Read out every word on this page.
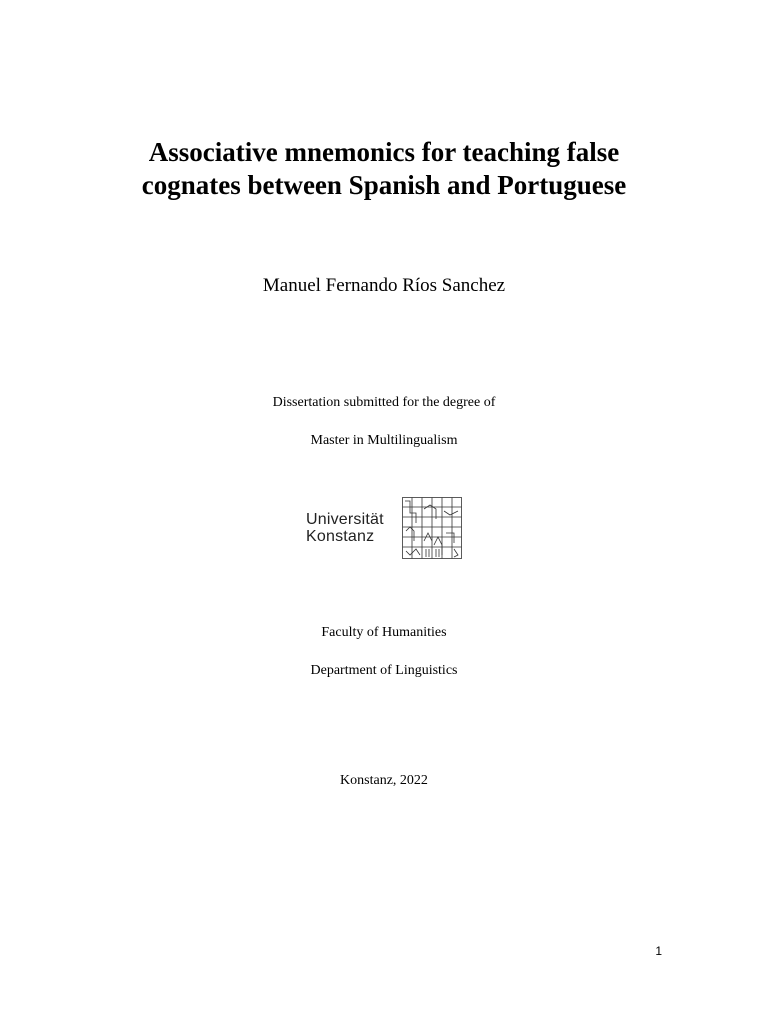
Associative mnemonics for teaching false
cognates between Spanish and Portuguese
Manuel Fernando Ríos Sanchez
Dissertation submitted for the degree of
Master in Multilingualism
Universität
Konstanz
Faculty of Humanities
Department of Linguistics
Konstanz, 2022
1
